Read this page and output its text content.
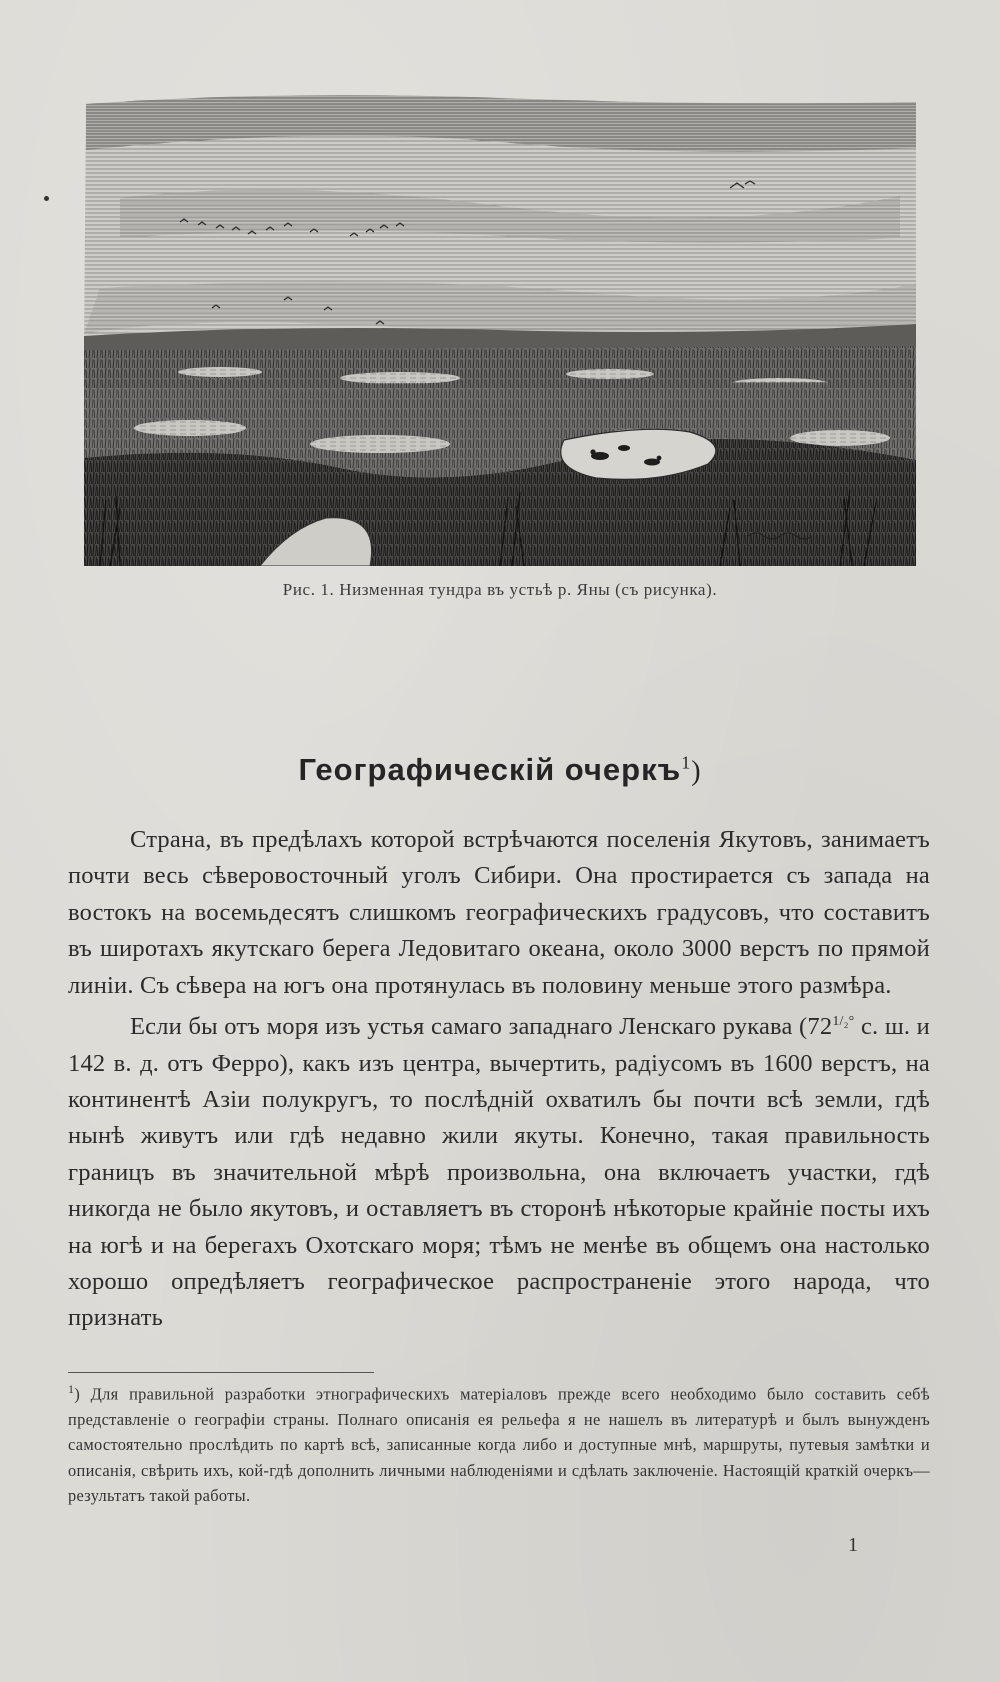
Рис. 1. Низменная тундра въ устьѣ р. Яны (съ рисунка).
Географическій очеркъ$^1$)

Страна, въ предѣлахъ которой встрѣчаются поселенія Якутовъ, занимаетъ почти весь сѣверовосточный уголъ Сибири. Она простирается съ запада на востокъ на восемьдесятъ слишкомъ географическихъ градусовъ, что составитъ въ широтахъ якутскаго берега Ледовитаго океана, около 3000 верстъ по прямой линіи. Съ сѣвера на югъ она протянулась въ половину меньше этого размѣра.

Если бы отъ моря изъ устья самаго западнаго Ленскаго рукава ($72^{1/_2^\circ}$ с. ш. и 142 в. д. отъ Ферро), какъ изъ центра, вычертить, радіусомъ въ 1600 верстъ, на континентѣ Азіи полукругъ, то послѣдній охватилъ бы почти всѣ земли, гдѣ нынѣ живутъ или гдѣ недавно жили якуты. Конечно, такая правильность границъ въ значительной мѣрѣ произвольна, она включаетъ участки, гдѣ никогда не было якутовъ, и оставляетъ въ сторонѣ нѣкоторые крайніе посты ихъ на югѣ и на берегахъ Охотскаго моря; тѣмъ не менѣе въ общемъ она настолько хорошо опредѣляетъ географическое распространеніе этого народа, что признать

$^1$) Для правильной разработки этнографическихъ матеріаловъ прежде всего необходимо было составить себѣ представленіе о географіи страны. Полнаго описанія ея рельефа я не нашелъ въ литературѣ и былъ вынужденъ самостоятельно прослѣдить по картѣ всѣ, записанные когда либо и доступные мнѣ, маршруты, путевыя замѣтки и описанія, свѣрить ихъ, кой-гдѣ дополнить личными наблюденіями и сдѣлать заключеніе. Настоящій краткій очеркъ—результатъ такой работы.

1
